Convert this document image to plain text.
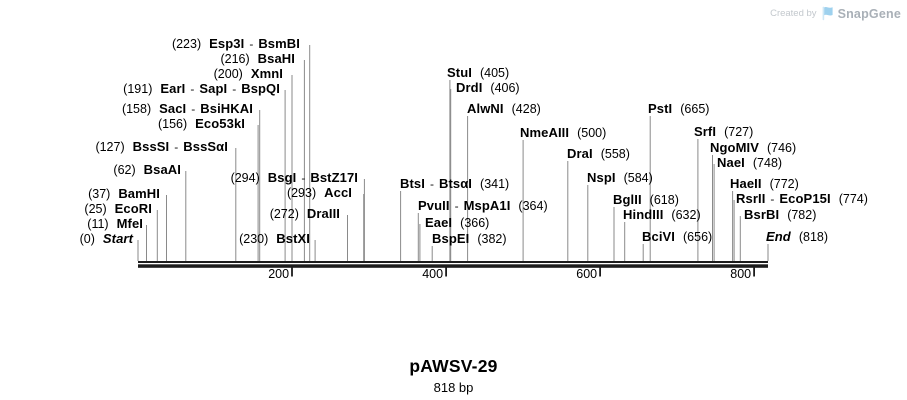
Created by SnapGene
(0) Start
(11) MfeI
(25) EcoRI
(37) BamHI
(62) BsaAI
(127) BssSI - BssSαI
(156) Eco53kI
(158) SacI - BsiHKAI
(191) EarI - SapI - BspQI
(200) XmnI
(216) BsaHI
(223) Esp3I - BsmBI
(230) BstXI
(272) DraIII
(293) AccI
(294) BsgI - BstZ17I	BtsI - BtsαI (341)
PvuII - MspA1I (364)
EaeI (366)
BspEI (382)
StuI (405)
DrdI (406)
AlwNI (428)
NmeAIII (500)
DraI (558)
NspI (584)
BglII (618)
HindIII (632)
BciVI (656)
PstI (665)
SrfI (727)
NgoMIV (746)
NaeI (748)
HaeII (772)
RsrII - EcoP15I (774)
BsrBI (782)
End (818)
200	400	600	800
pAWSV-29
818 bp
